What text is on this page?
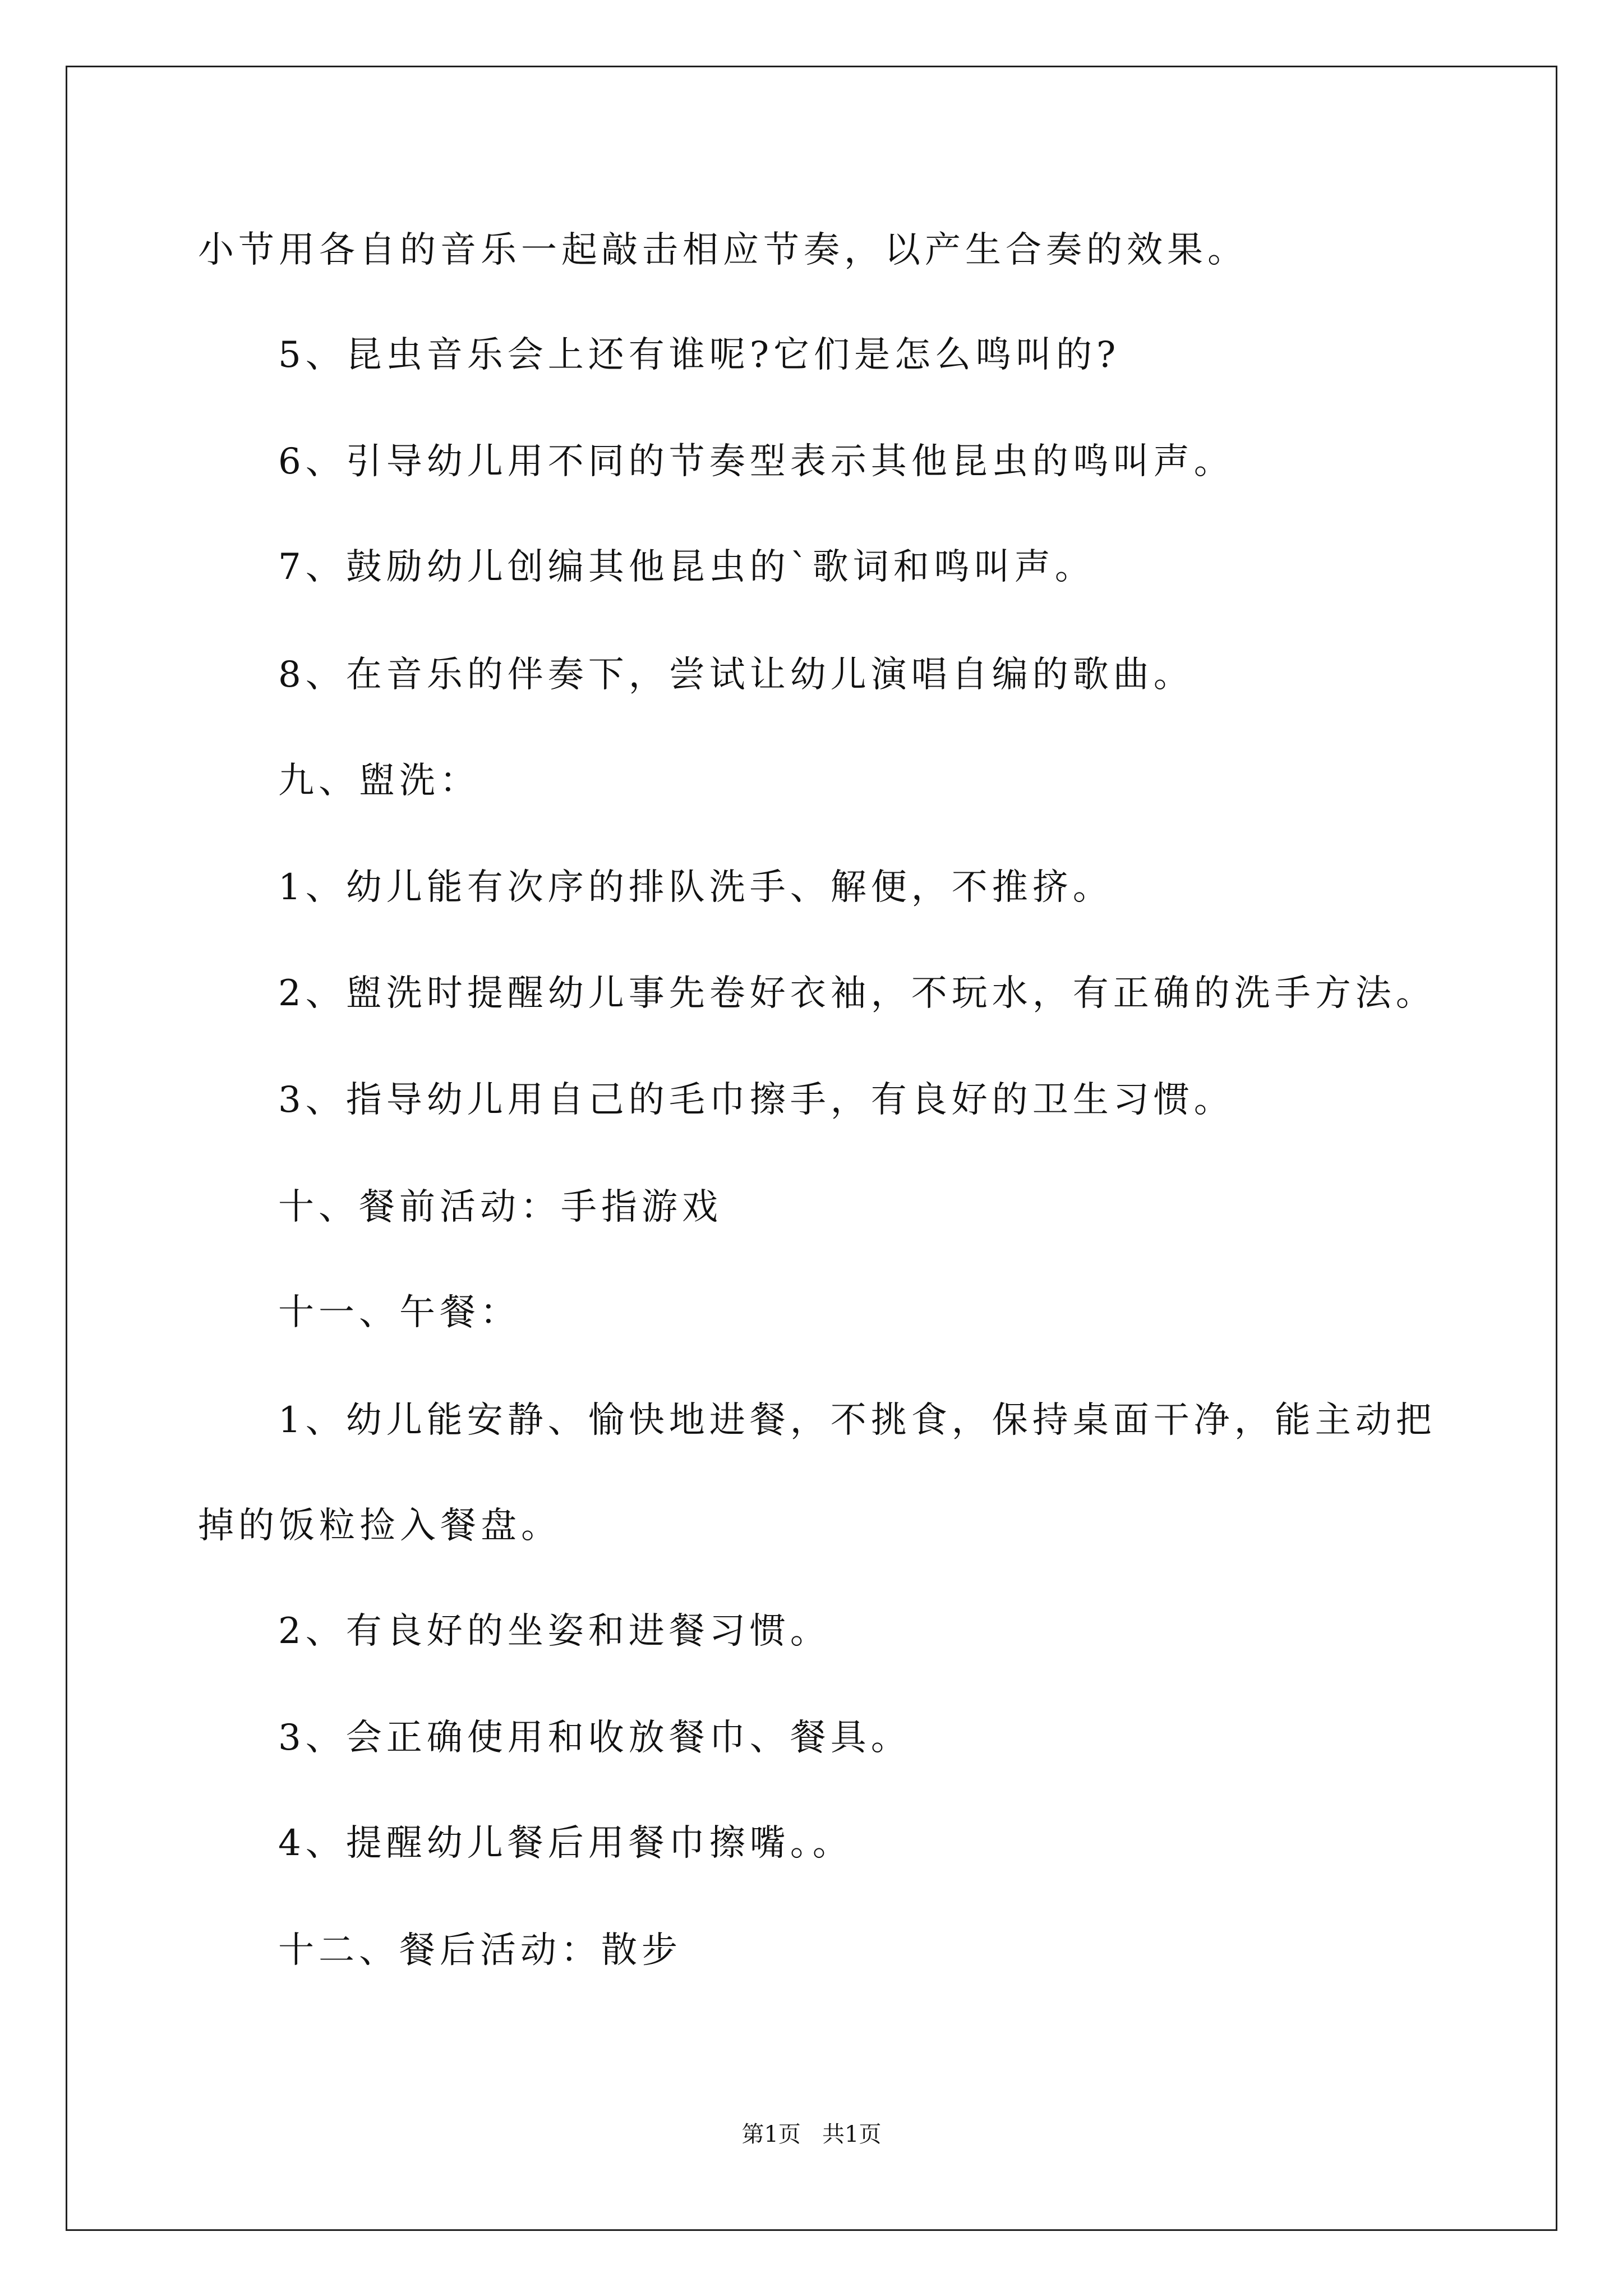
小节用各自的音乐一起敲击相应节奏，以产生合奏的效果。
5、昆虫音乐会上还有谁呢?它们是怎么鸣叫的?
6、引导幼儿用不同的节奏型表示其他昆虫的鸣叫声。
7、鼓励幼儿创编其他昆虫的`歌词和鸣叫声。
8、在音乐的伴奏下，尝试让幼儿演唱自编的歌曲。
九、盥洗：
1、幼儿能有次序的排队洗手、解便，不推挤。
2、盥洗时提醒幼儿事先卷好衣袖，不玩水，有正确的洗手方法。
3、指导幼儿用自己的毛巾擦手，有良好的卫生习惯。
十、餐前活动：手指游戏
十一、午餐：
1、幼儿能安静、愉快地进餐，不挑食，保持桌面干净，能主动把
掉的饭粒捡入餐盘。
2、有良好的坐姿和进餐习惯。
3、会正确使用和收放餐巾、餐具。
4、提醒幼儿餐后用餐巾擦嘴。。
十二、餐后活动：散步
第1页   共1页
